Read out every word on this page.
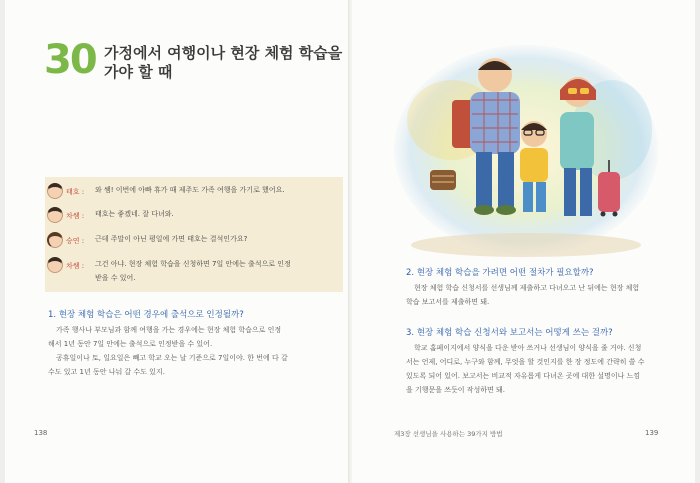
30 가정에서 여행이나 현장 체험 학습을
가야 할 때
태호 : 와 쌤! 이번에 아빠 휴가 때 제주도 가족 여행을 가기로 했어요.
차쌤 : 태호는 좋겠네. 잘 다녀와.
승연 : 근데 주말이 아닌 평일에 가면 태호는 결석인가요?
차쌤 : 그건 아냐. 현장 체험 학습을 신청하면 7일 안에는 출석으로 인정
받을 수 있어.
1. 현장 체험 학습은 어떤 경우에 출석으로 인정될까?
가족 행사나 부모님과 함께 여행을 가는 경우에는 현장 체험 학습으로 인정
해서 1년 동안 7일 안에는 출석으로 인정받을 수 있어.
공휴일이나 토, 일요일은 빼고 학교 오는 날 기준으로 7일이야. 한 번에 다 갈
수도 있고 1년 동안 나눠 갈 수도 있지.
138
2. 현장 체험 학습을 가려면 어떤 절차가 필요할까?
현장 체험 학습 신청서를 선생님께 제출하고 다녀오고 난 뒤에는 현장 체험
학습 보고서를 제출하면 돼.
3. 현장 체험 학습 신청서와 보고서는 어떻게 쓰는 걸까?
학교 홈페이지에서 양식을 다운 받아 쓰거나 선생님이 양식을 줄 거야. 신청
서는 언제, 어디로, 누구와 함께, 무엇을 할 것인지를 한 장 정도에 간략히 쓸 수
있도록 되어 있어. 보고서는 비교적 자유롭게 다녀온 곳에 대한 설명이나 느낌
을 기행문을 쓰듯이 작성하면 돼.
제3장 선생님을 사용하는 39가지 방법	139
